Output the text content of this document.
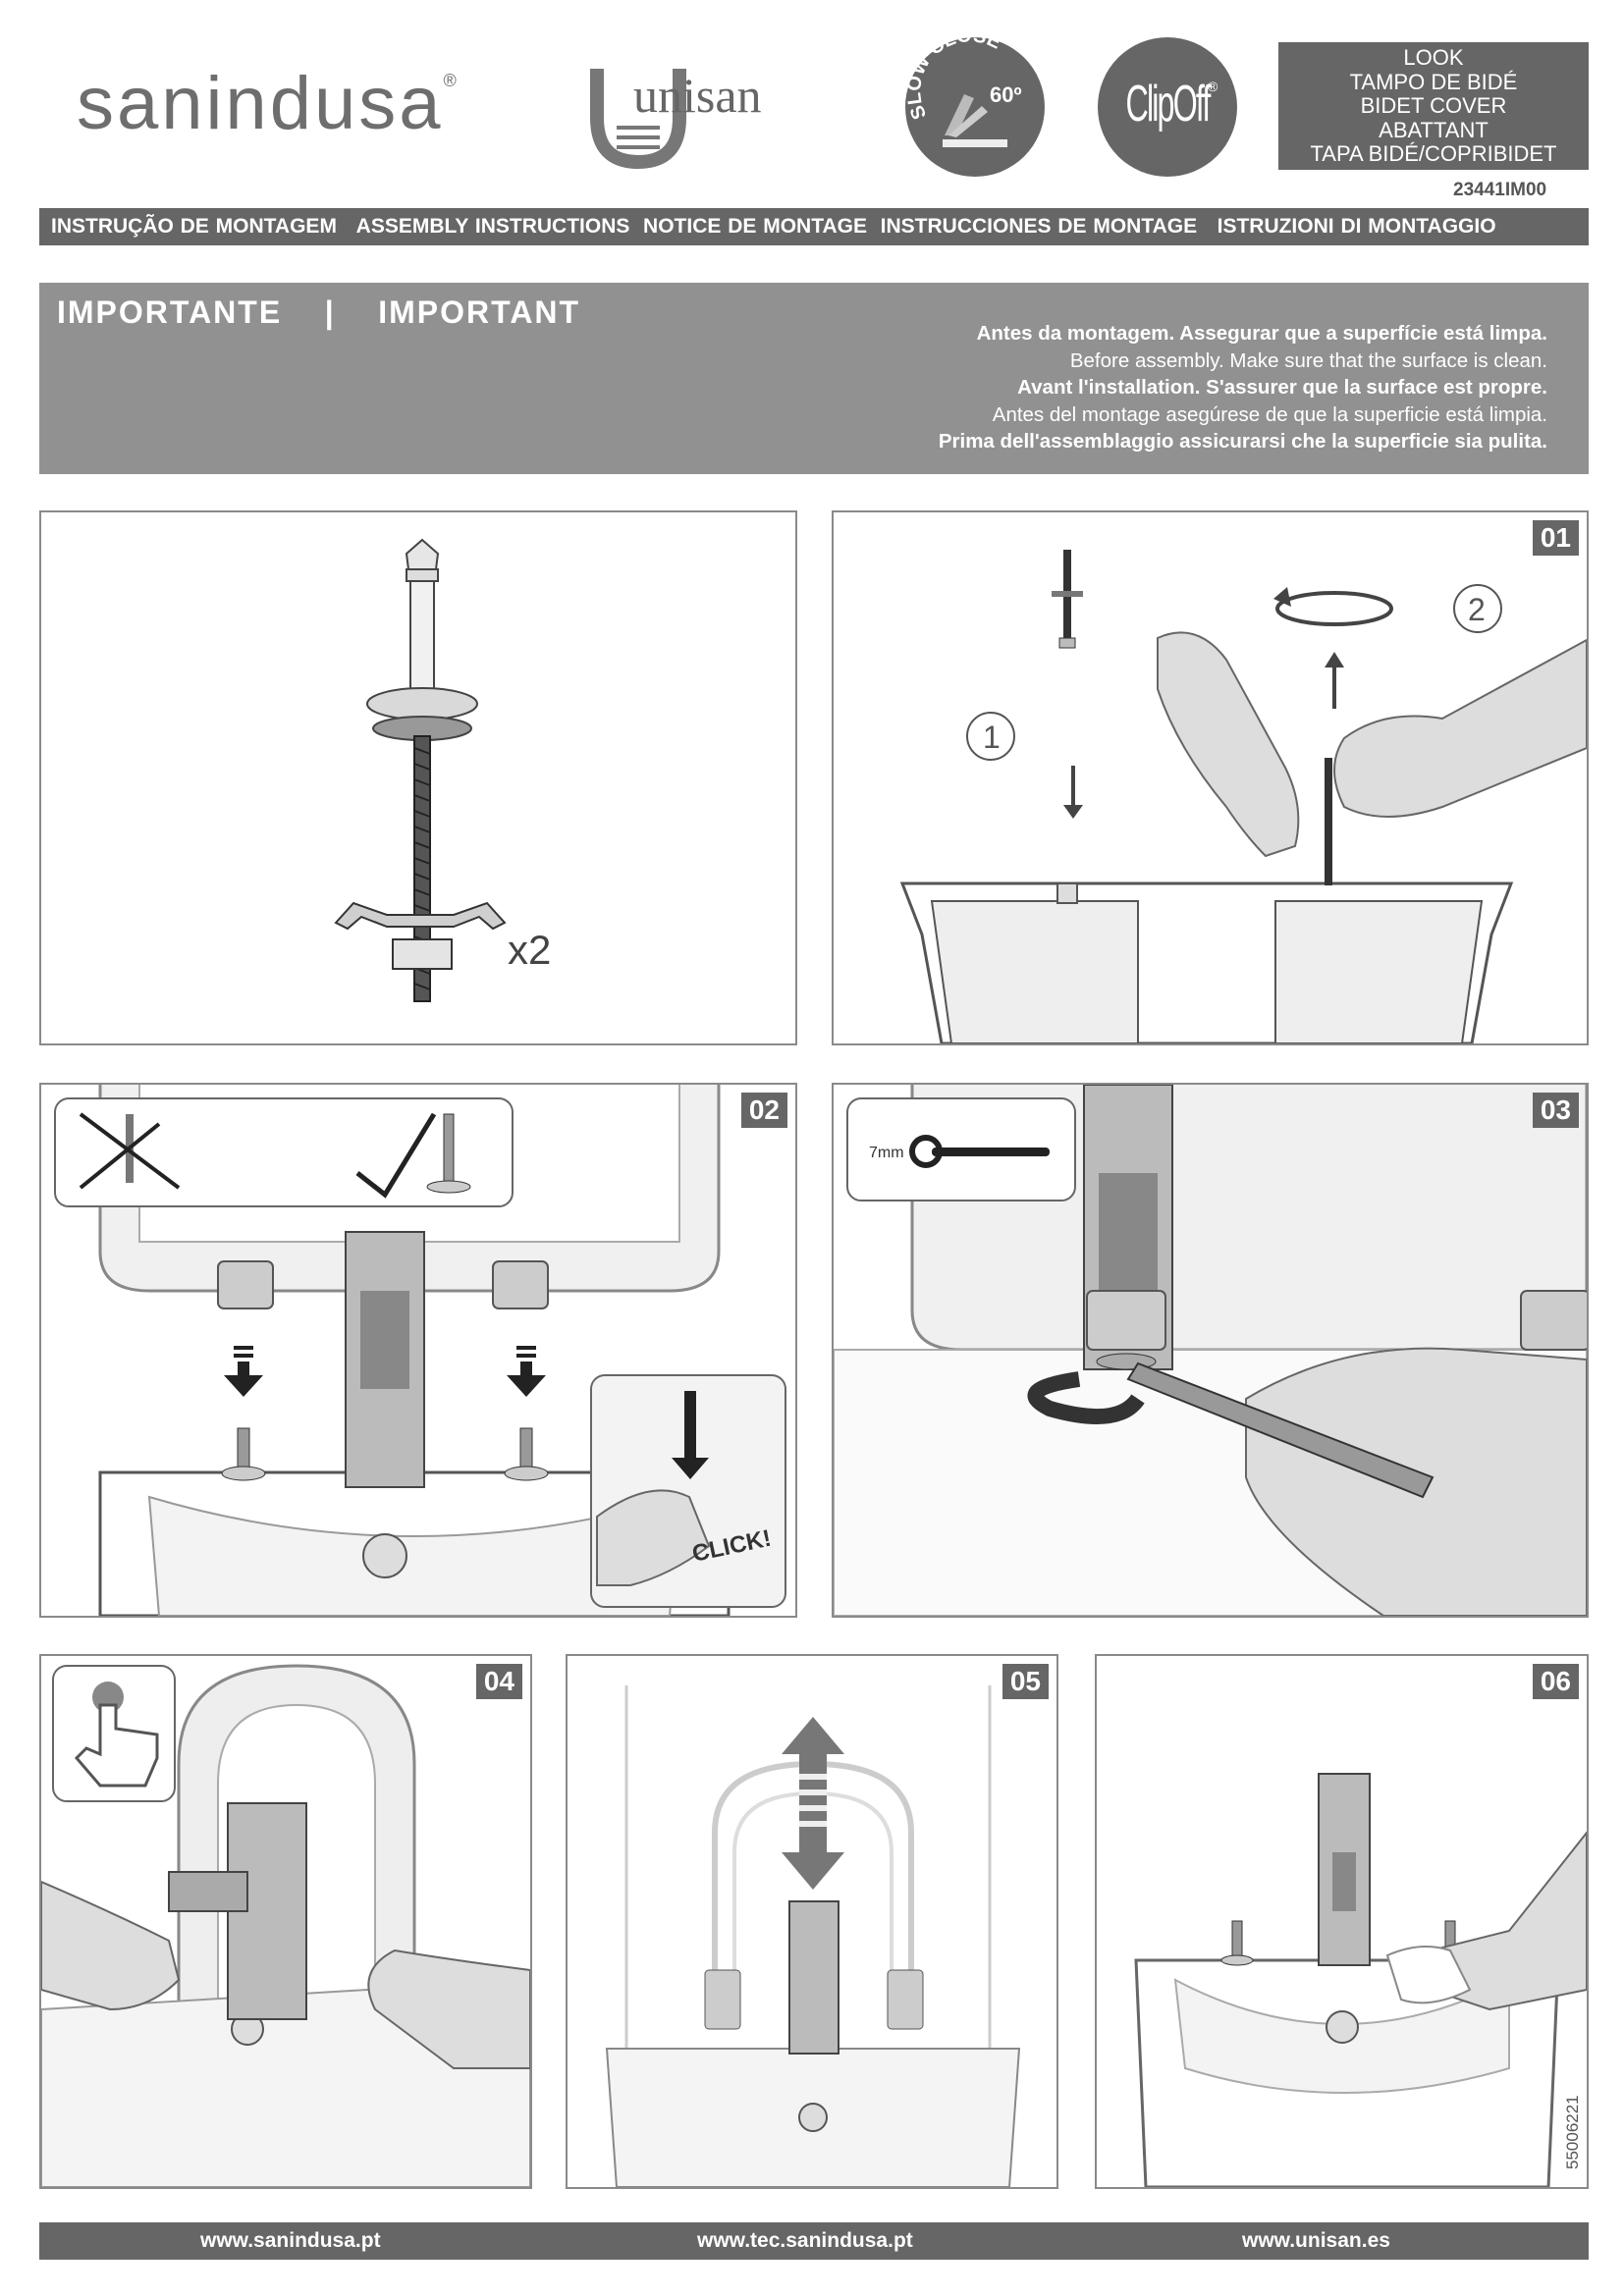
sanindusa®	unisan	SLOW CL E
60º ClipOff
®
LOOK
TAMPO DE BIDÉ
BIDET COVER
ABATTANT
TAPA BIDÉ/COPRIBIDET
23441IM00
INSTRUÇÃO DE MONTAGEM   ASSEMBLY INSTRUCTIONS  NOTICE DE MONTAGE  INSTRUCCIONES DE MONTAGE   ISTRUZIONI DI MONTAGGIO
IMPORTANTE    |    IMPORTANT
Antes da montagem. Assegurar que a superfície está limpa.
Before assembly. Make sure that the surface is clean.
Avant l'installation. S'assurer que la surface est propre.
Antes del montage asegúrese de que la superficie está limpia.
Prima dell'assemblaggio assicurarsi che la superficie sia pulita.
x2
01
1
2
02
CLICK!
03
7mm
04	05	06
55006221
www.sanindusa.pt	www.tec.sanindusa.pt	www.unisan.es
